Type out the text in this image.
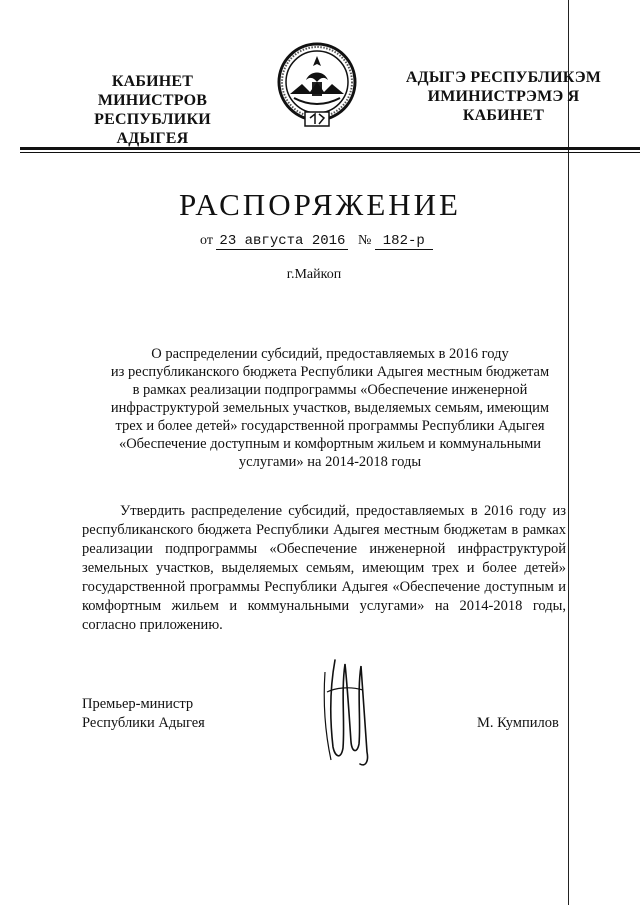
КАБИНЕТ МИНИСТРОВ
РЕСПУБЛИКИ АДЫГЕЯ
АДЫГЭ РЕСПУБЛИКЭМ
ИМИНИСТРЭМЭ Я КАБИНЕТ
РАСПОРЯЖЕНИЕ
от 23 августа 2016 № 182-р
г.Майкоп
О распределении субсидий, предоставляемых в 2016 году
из республиканского бюджета Республики Адыгея местным бюджетам
в рамках реализации подпрограммы «Обеспечение инженерной
инфраструктурой земельных участков, выделяемых семьям, имеющим
трех и более детей» государственной программы Республики Адыгея
«Обеспечение доступным и комфортным жильем и коммунальными
услугами» на 2014-2018 годы

Утвердить распределение субсидий, предоставляемых в 2016 году из республиканского бюджета Республики Адыгея местным бюджетам в рамках реализации подпрограммы «Обеспечение инженерной инфраструктурой земельных участков, выделяемых семьям, имеющим трех и более детей» государственной программы Республики Адыгея «Обеспечение доступным и комфортным жильем и коммунальными услугами» на 2014-2018 годы, согласно приложению.

Премьер-министр
Республики Адыгея	М. Кумпилов
